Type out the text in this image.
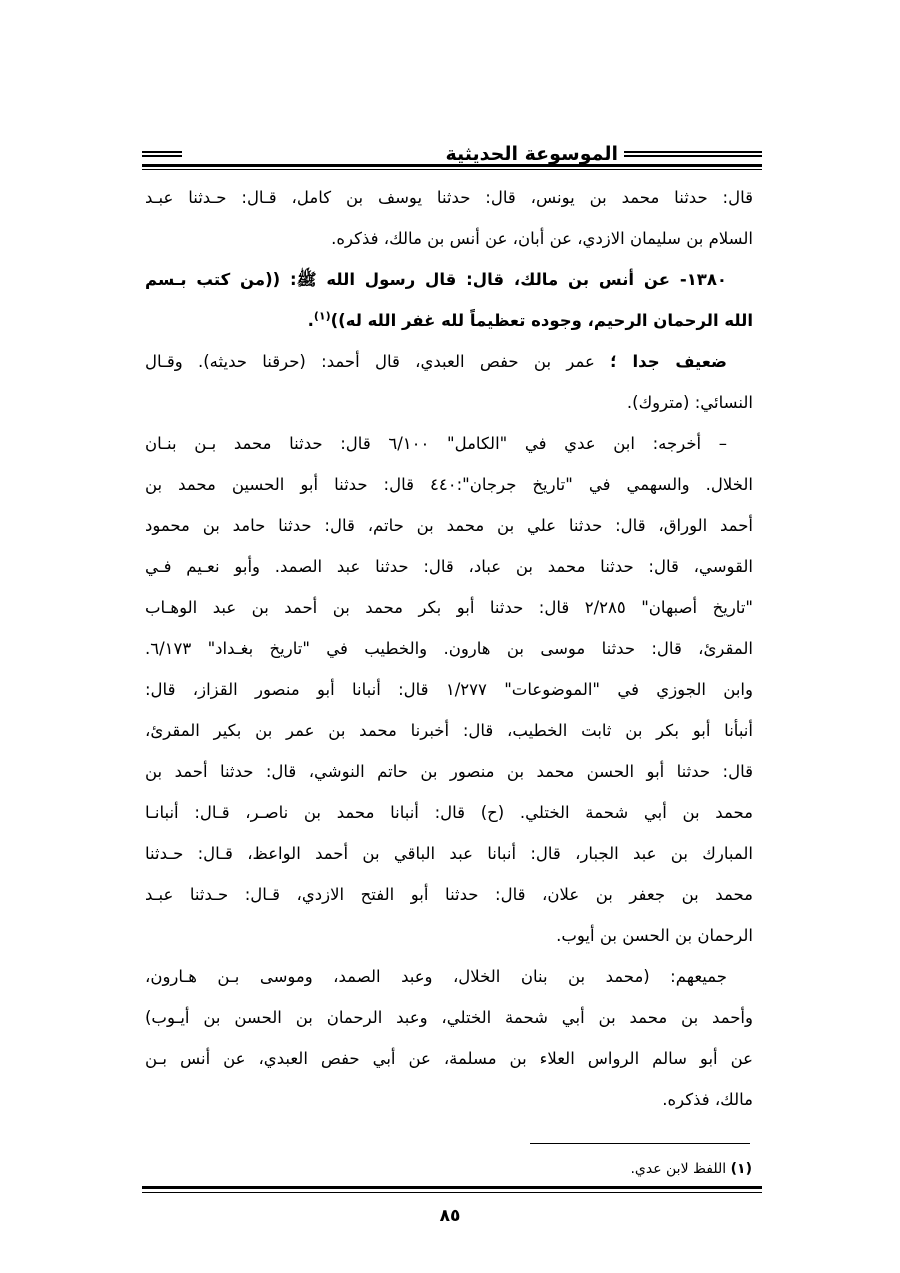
الموسوعة الحديثية
قال: حدثنا محمد بن يونس، قال: حدثنا يوسف بن كامل، قـال: حـدثنا عبـد
السلام بن سليمان الازدي، عن أبان، عن أنس بن مالك، فذكره.
١٣٨٠- عن أنس بن مالك، قال: قال رسول الله ﷺ: ((من كتب بـسم
الله الرحمان الرحيم، وجوده تعظيماً لله غفر الله له))$^{(١)}$.
ضعيف جدا ؛ عمر بن حفص العبدي، قال أحمد: (حرقنا حديثه). وقـال
النسائي: (متروك).
– أخرجه: ابن عدي في "الكامل" ٦/١٠٠ قال: حدثنا محمد بـن بنـان
الخلال. والسهمي في "تاريخ جرجان":٤٤٠ قال: حدثنا أبو الحسين محمد بن
أحمد الوراق، قال: حدثنا علي بن محمد بن حاتم، قال: حدثنا حامد بن محمود
القوسي، قال: حدثنا محمد بن عباد، قال: حدثنا عبد الصمد. وأبو نعـيم فـي
"تاريخ أصبهان" ٢/٢٨٥ قال: حدثنا أبو بكر محمد بن أحمد بن عبد الوهـاب
المقرئ، قال: حدثنا موسى بن هارون. والخطيب في "تاريخ بغـداد" ٦/١٧٣.
وابن الجوزي في "الموضوعات" ١/٢٧٧ قال: أنبانا أبو منصور القزاز، قال:
أنبأنا أبو بكر بن ثابت الخطيب، قال: أخبرنا محمد بن عمر بن بكير المقرئ،
قال: حدثنا أبو الحسن محمد بن منصور بن حاتم النوشي، قال: حدثنا أحمد بن
محمد بن أبي شحمة الختلي. (ح) قال: أنبانا محمد بن ناصـر، قـال: أنبانـا
المبارك بن عبد الجبار، قال: أنبانا عبد الباقي بن أحمد الواعظ، قـال: حـدثنا
محمد بن جعفر بن علان، قال: حدثنا أبو الفتح الازدي، قـال: حـدثنا عبـد
الرحمان بن الحسن بن أيوب.
جميعهم: (محمد بن بنان الخلال، وعبد الصمد، وموسى بـن هـارون،
وأحمد بن محمد بن أبي شحمة الختلي، وعبد الرحمان بن الحسن بن أيـوب)
عن أبو سالم الرواس العلاء بن مسلمة، عن أبي حفص العبدي، عن أنس بـن
مالك، فذكره.
(١) اللفظ لابن عدي.
٨٥
